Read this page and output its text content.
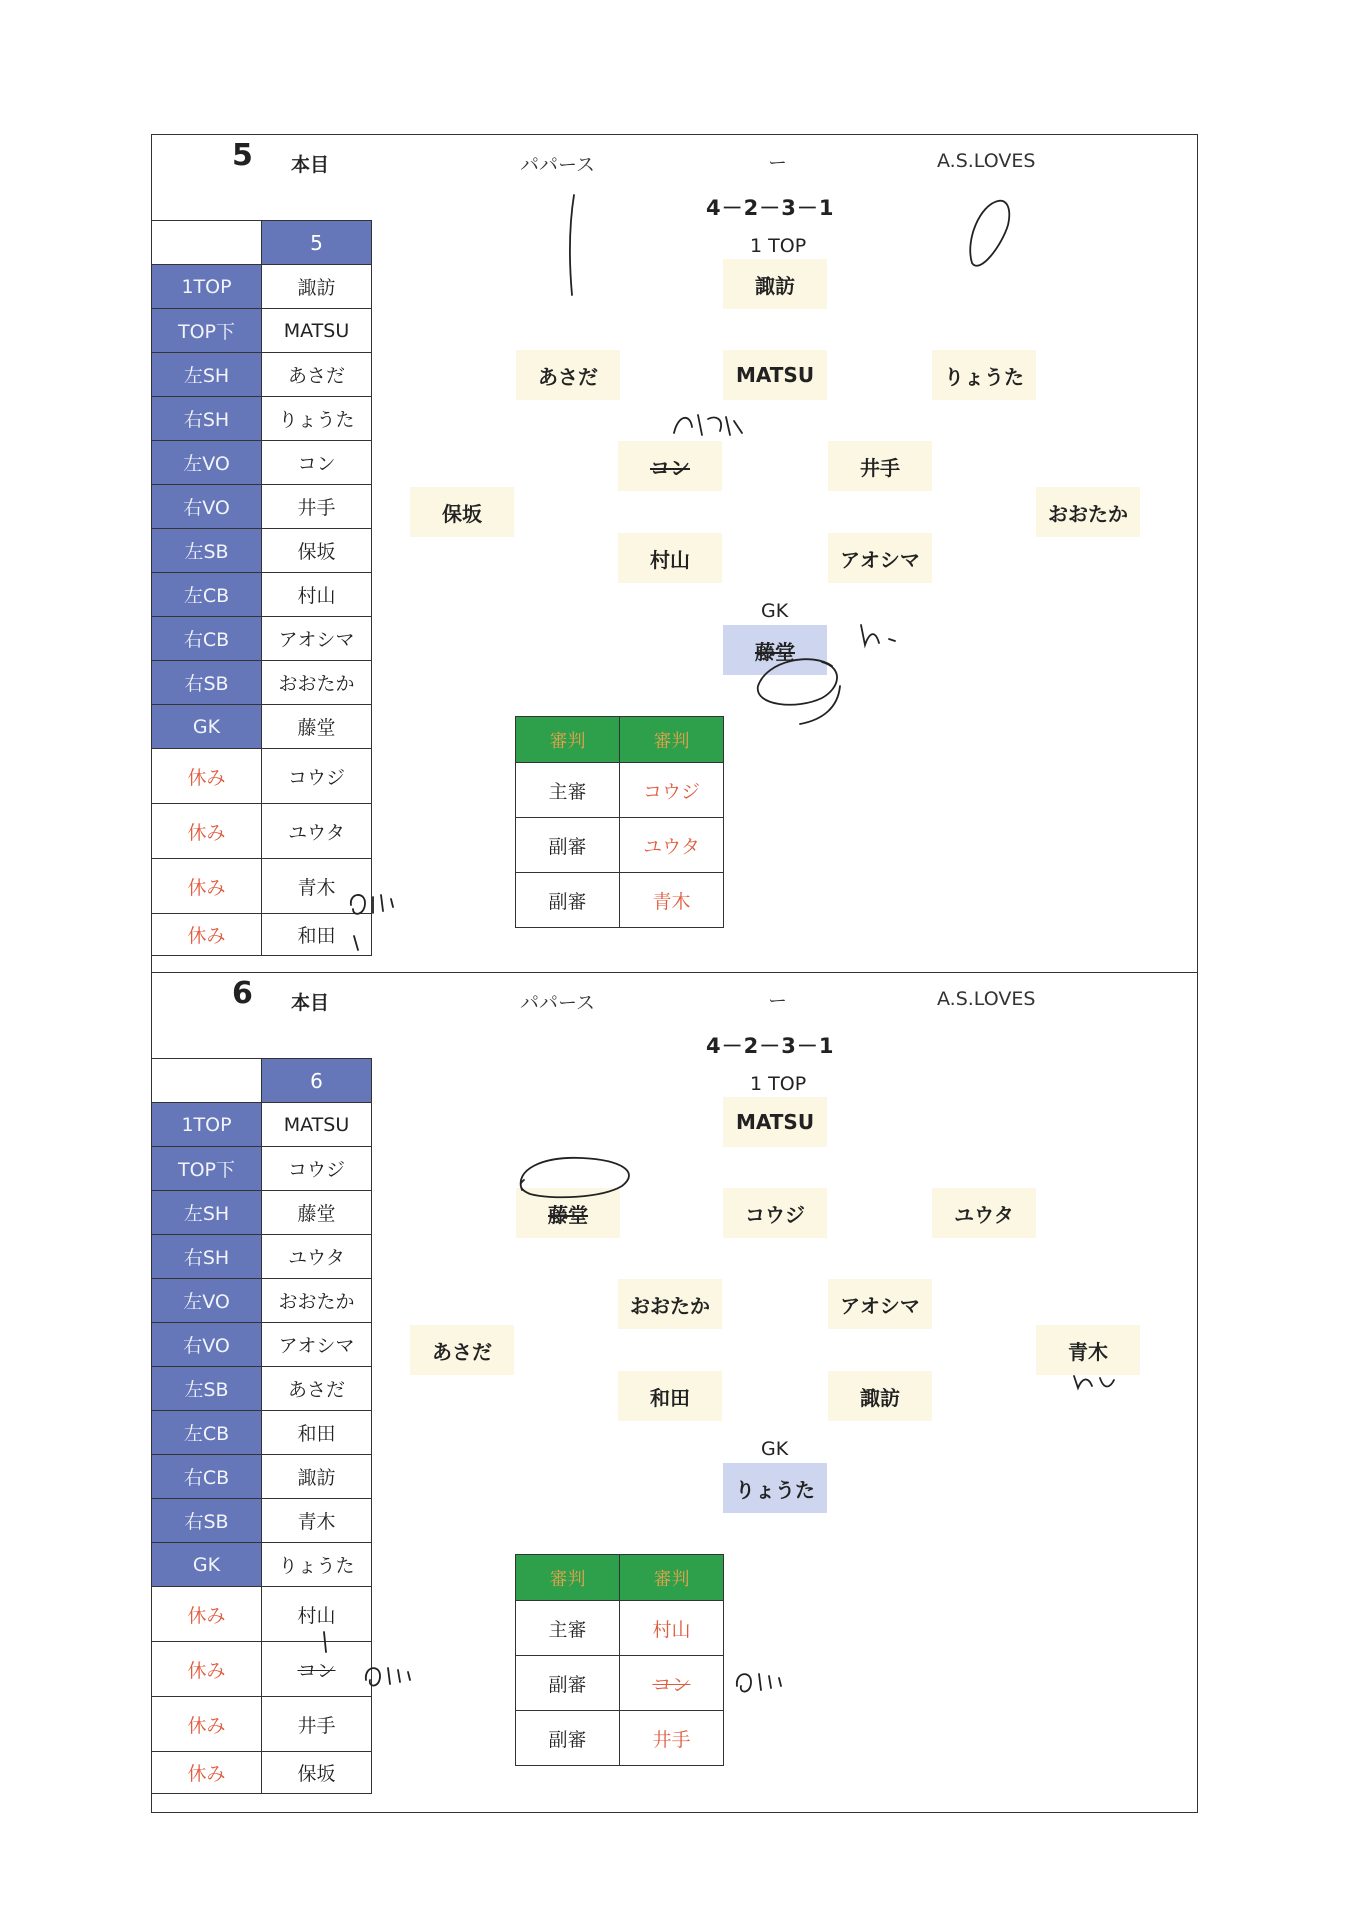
5 本目	パパース	ー	A.S.LOVES
4－2－3－1
1 TOP
GK
	5
1TOP	諏訪
TOP下	MATSU
左SH	あさだ
右SH	りょうた
左VO	コン
右VO	井手
左SB	保坂
左CB	村山
右CB	アオシマ
右SB	おおたか
GK	藤堂
休み	コウジ
休み	ユウタ
休み	青木
休み	和田
諏訪
あさだ	MATSU	りょうた
コン	井手
保坂	おおたか
村山	アオシマ
藤堂
審判	審判
主審	コウジ
副審	ユウタ
副審	青木
6 本目	パパース	ー	A.S.LOVES
4－2－3－1
1 TOP
GK
	6
1TOP	MATSU
TOP下	コウジ
左SH	藤堂
右SH	ユウタ
左VO	おおたか
右VO	アオシマ
左SB	あさだ
左CB	和田
右CB	諏訪
右SB	青木
GK	りょうた
休み	村山
休み	コン
休み	井手
休み	保坂
MATSU
藤堂	コウジ	ユウタ
おおたか	アオシマ
あさだ	青木
和田	諏訪
りょうた
審判	審判
主審	村山
副審	コン
副審	井手
